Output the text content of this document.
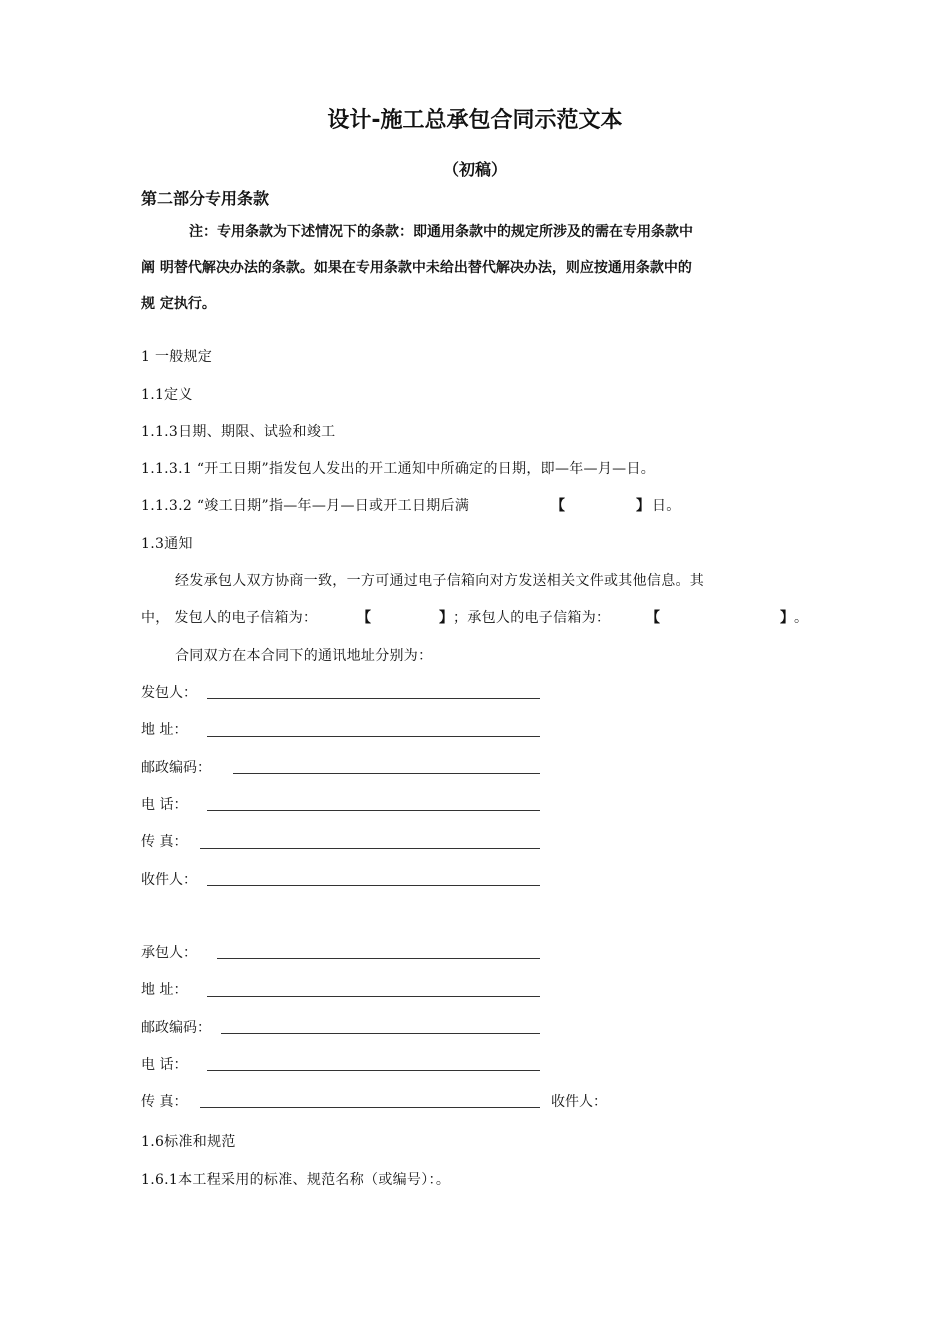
设计-施工总承包合同示范文本
（初稿）
第二部分专用条款
注：专用条款为下述情况下的条款：即通用条款中的规定所涉及的需在专用条款中
阐 明替代解决办法的条款。如果在专用条款中未给出替代解决办法，则应按通用条款中的
规 定执行。
1 一般规定
1.1定义
1.1.3日期、期限、试验和竣工
1.1.3.1 “开工日期”指发包人发出的开工通知中所确定的日期，即—年—月—日。
1.1.3.2 “竣工日期”指—年—月—日或开工日期后满	【	】 日。
1.3通知
经发承包人双方协商一致，一方可通过电子信箱向对方发送相关文件或其他信息。其
中， 发包人的电子信箱为：	【	】 ；承包人的电子信箱为：	【	】 。
合同双方在本合同下的通讯地址分别为：
发包人：
地 址：
邮政编码：
电 话：
传 真：
收件人：
承包人：
地 址：
邮政编码：
电 话：
传 真：	收件人：
1.6标准和规范
1.6.1本工程采用的标准、规范名称（或编号）：。
